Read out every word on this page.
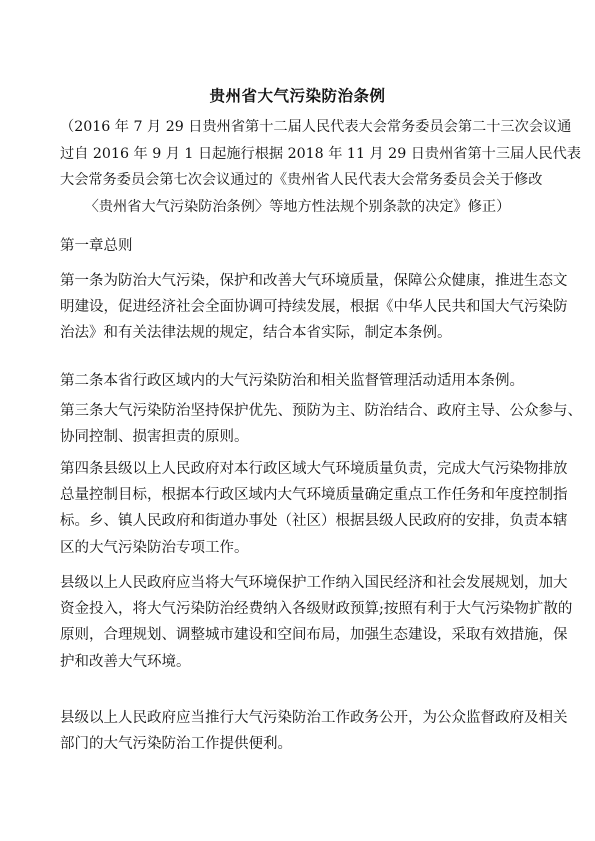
贵州省大气污染防治条例
（2016 年 7 月 29 日贵州省第十二届人民代表大会常务委员会第二十三次会议通
过自 2016 年 9 月 1 日起施行根据 2018 年 11 月 29 日贵州省第十三届人民代表
大会常务委员会第七次会议通过的《贵州省人民代表大会常务委员会关于修改
〈贵州省大气污染防治条例〉等地方性法规个别条款的决定》修正）
第一章总则
第一条为防治大气污染，保护和改善大气环境质量，保障公众健康，推进生态文
明建设，促进经济社会全面协调可持续发展，根据《中华人民共和国大气污染防
治法》和有关法律法规的规定，结合本省实际，制定本条例。
第二条本省行政区域内的大气污染防治和相关监督管理活动适用本条例。
第三条大气污染防治坚持保护优先、预防为主、防治结合、政府主导、公众参与、
协同控制、损害担责的原则。
第四条县级以上人民政府对本行政区域大气环境质量负责，完成大气污染物排放
总量控制目标，根据本行政区域内大气环境质量确定重点工作任务和年度控制指
标。乡、镇人民政府和街道办事处（社区）根据县级人民政府的安排，负责本辖
区的大气污染防治专项工作。
县级以上人民政府应当将大气环境保护工作纳入国民经济和社会发展规划，加大
资金投入，将大气污染防治经费纳入各级财政预算;按照有利于大气污染物扩散的
原则，合理规划、调整城市建设和空间布局，加强生态建设，采取有效措施，保
护和改善大气环境。
县级以上人民政府应当推行大气污染防治工作政务公开，为公众监督政府及相关
部门的大气污染防治工作提供便利。
